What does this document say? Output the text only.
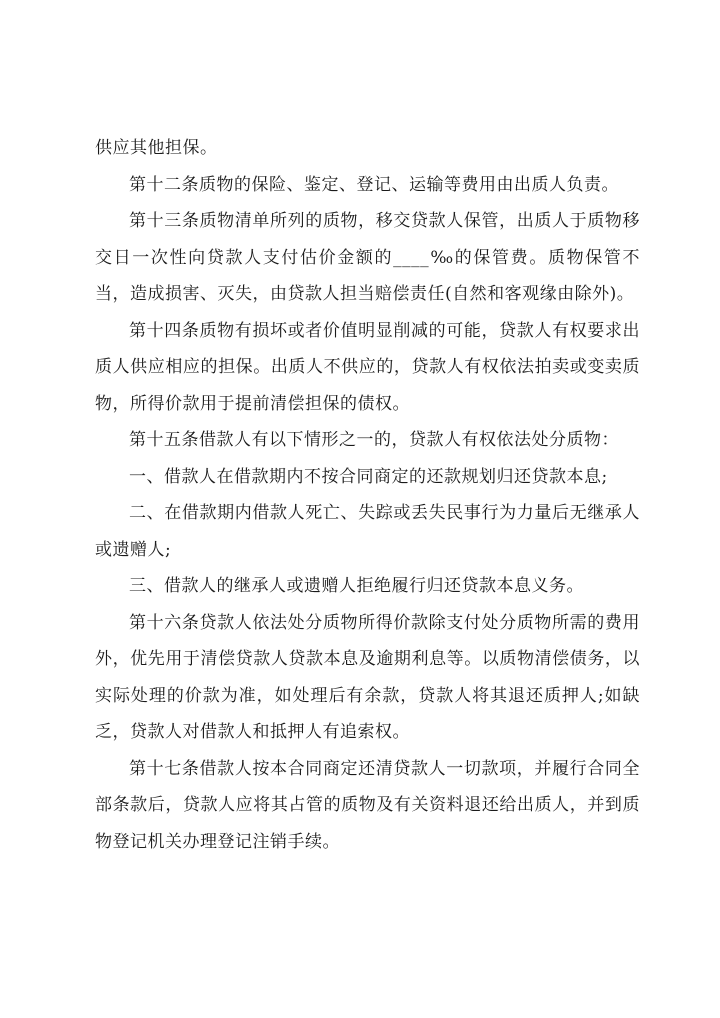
供应其他担保。

第十二条质物的保险、鉴定、登记、运输等费用由出质人负责。

第十三条质物清单所列的质物，移交贷款人保管，出质人于质物移交日一次性向贷款人支付估价金额的____‰的保管费。质物保管不当，造成损害、灭失，由贷款人担当赔偿责任(自然和客观缘由除外)。

第十四条质物有损坏或者价值明显削减的可能，贷款人有权要求出质人供应相应的担保。出质人不供应的，贷款人有权依法拍卖或变卖质物，所得价款用于提前清偿担保的债权。

第十五条借款人有以下情形之一的，贷款人有权依法处分质物：

一、借款人在借款期内不按合同商定的还款规划归还贷款本息;

二、在借款期内借款人死亡、失踪或丢失民事行为力量后无继承人或遗赠人;

三、借款人的继承人或遗赠人拒绝履行归还贷款本息义务。

第十六条贷款人依法处分质物所得价款除支付处分质物所需的费用外，优先用于清偿贷款人贷款本息及逾期利息等。以质物清偿债务，以实际处理的价款为准，如处理后有余款，贷款人将其退还质押人;如缺乏，贷款人对借款人和抵押人有追索权。

第十七条借款人按本合同商定还清贷款人一切款项，并履行合同全部条款后，贷款人应将其占管的质物及有关资料退还给出质人，并到质物登记机关办理登记注销手续。
